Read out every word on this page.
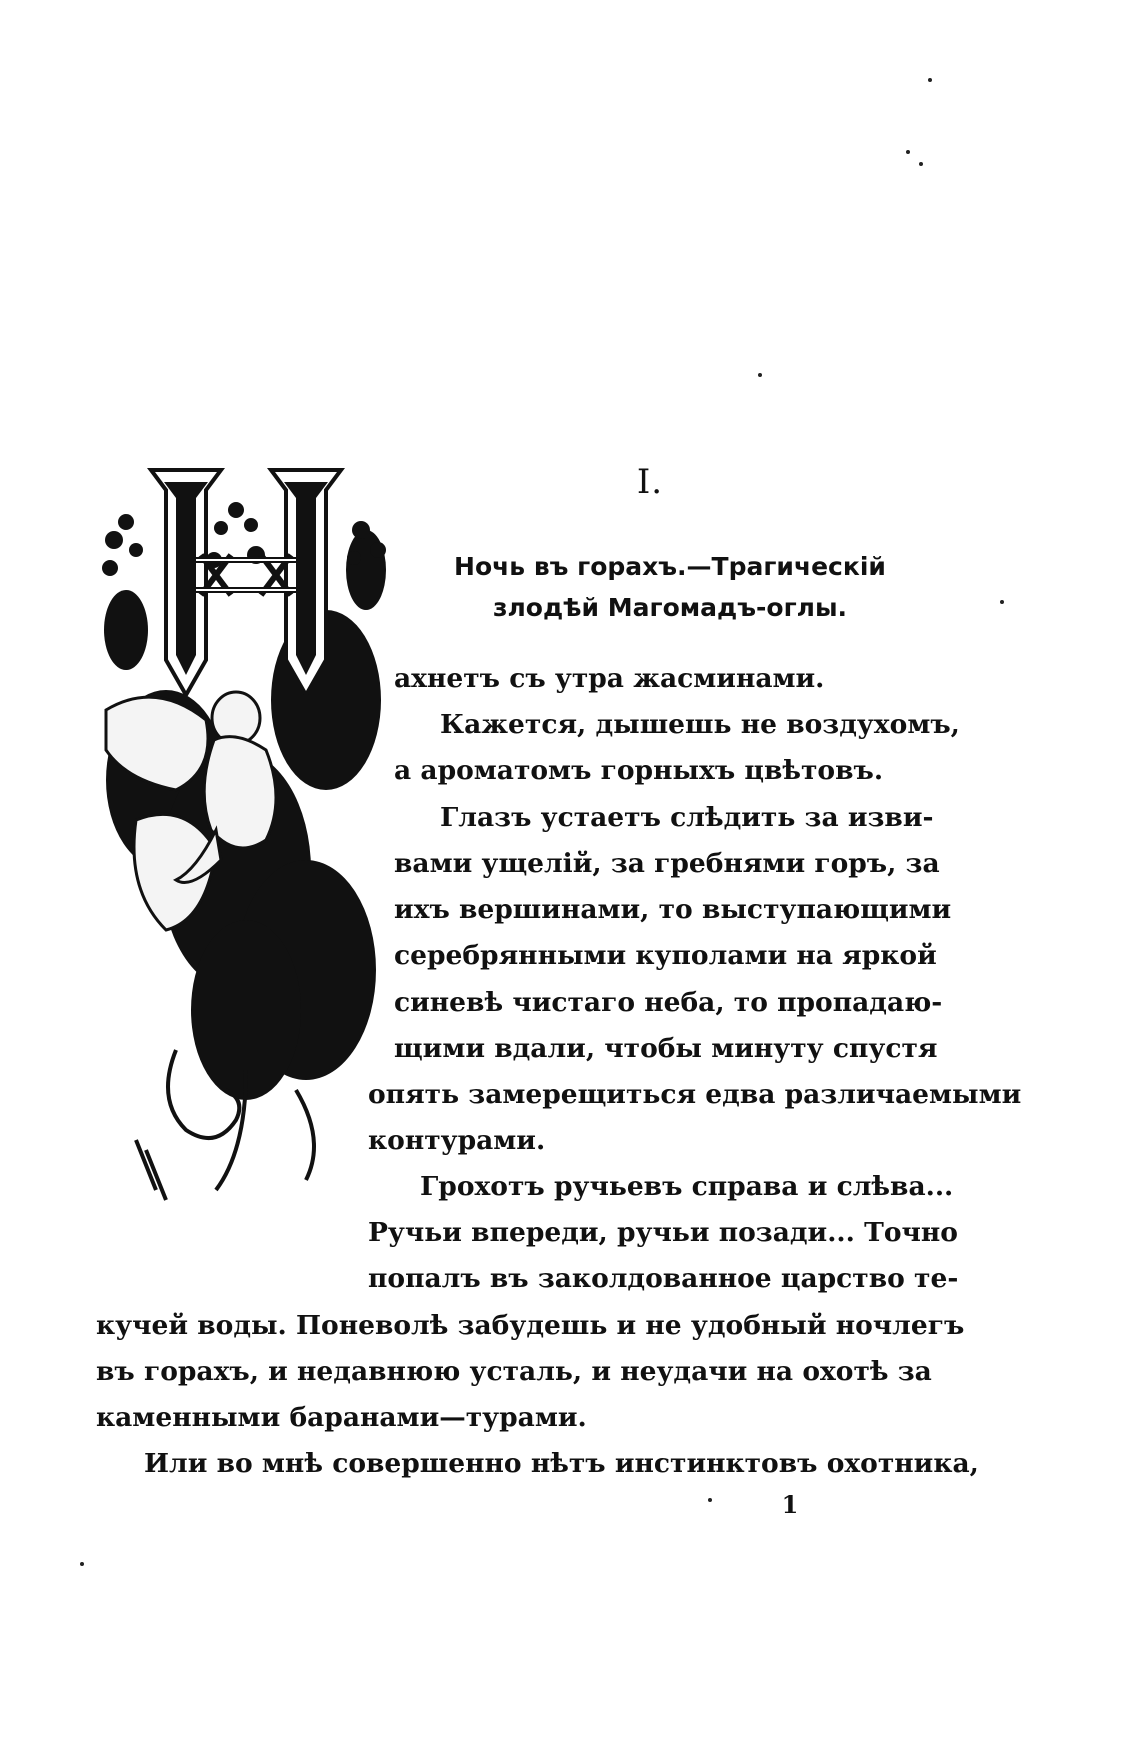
I.
Ночь въ горахъ.—Трагическій
злодѣй Магомадъ-оглы.
ахнетъ съ утра жасминами.
Кажется, дышешь не воздухомъ,
а ароматомъ горныхъ цвѣтовъ.
Глазъ устаетъ слѣдить за изви-
вами ущелій, за гребнями горъ, за
ихъ вершинами, то выступающими
серебрянными куполами на яркой
синевѣ чистаго неба, то пропадаю-
щими вдали, чтобы минуту спустя
опять замерещиться едва различаемыми
контурами.
Грохотъ ручьевъ справа и слѣва...
Ручьи впереди, ручьи позади... Точно
попалъ въ заколдованное царство те-
кучей воды. Поневолѣ забудешь и не удобный ночлегъ
въ горахъ, и недавнюю усталь, и неудачи на охотѣ за
каменными баранами—турами.
Или во мнѣ совершенно нѣтъ инстинктовъ охотника,
1
